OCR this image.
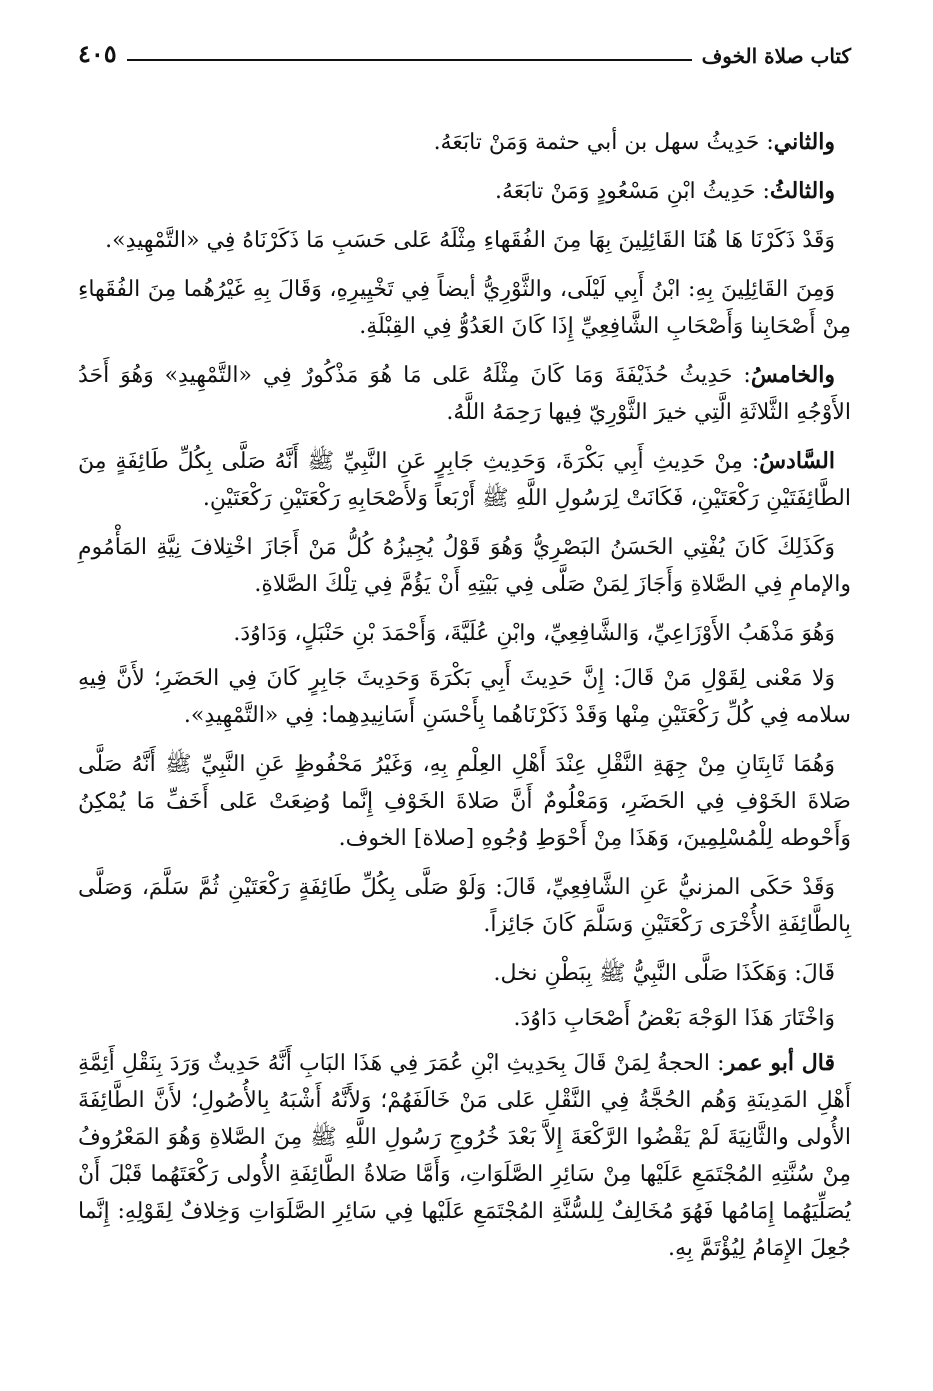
كتاب صلاة الخوف
٤٠٥

والثاني: حَدِيثُ سهل بن أبي حثمة وَمَنْ تابَعَهُ.

والثالثُ: حَدِيثُ ابْنِ مَسْعُودٍ وَمَنْ تابَعَهُ.

وَقَدْ ذَكَرْنَا هَا هُنَا القَائِلِينَ بِهَا مِنَ الفُقَهاءِ مِثْلَهُ عَلى حَسَبِ مَا ذَكَرْنَاهُ فِي «التَّمْهِيدِ».

وَمِنَ القَائِلِينَ بِهِ: ابْنُ أَبِي لَيْلَى، والثَّوْرِيُّ أيضاً فِي تَخْيِيرِهِ، وَقَالَ بِهِ غَيْرُهُما مِنَ الفُقَهاءِ مِنْ أَصْحَابِنا وَأَصْحَابِ الشَّافِعِيِّ إِذَا كَانَ العَدُوُّ فِي القِبْلَةِ.

والخامسُ: حَدِيثُ حُذَيْفَةَ وَمَا كَانَ مِثْلَهُ عَلى مَا هُوَ مَذْكُورٌ فِي «التَّمْهِيدِ» وَهُوَ أَحَدُ الأَوْجُهِ الثَّلاثَةِ الَّتِي خيرَ الثَّوْرِيّ فِيها رَحِمَهُ اللَّهُ.

السَّادسُ: مِنْ حَدِيثِ أَبِي بَكْرَةَ، وَحَدِيثِ جَابِرٍ عَنِ النَّبِيِّ ﷺ أَنَّهُ صَلَّى بِكُلِّ طَائِفَةٍ مِنَ الطَّائِفَتَيْنِ رَكْعَتَيْنِ، فَكَانَتْ لِرَسُولِ اللَّهِ ﷺ أَرْبَعاً وَلأَصْحَابِهِ رَكْعَتَيْنِ رَكْعَتَيْنِ.

وَكَذَلِكَ كَانَ يُفْتِي الحَسَنُ البَصْرِيُّ وَهُوَ قَوْلُ يُجِيزُهُ كُلُّ مَنْ أَجَازَ اخْتِلافَ نِيَّةِ المَأْمُومِ والإمامِ فِي الصَّلاةِ وَأَجَازَ لِمَنْ صَلَّى فِي بَيْتِهِ أَنْ يَؤُمَّ فِي تِلْكَ الصَّلاةِ.

وَهُوَ مَذْهَبُ الأَوْزَاعِيِّ، وَالشَّافِعِيِّ، وابْنِ عُلَيَّةَ، وَأَحْمَدَ بْنِ حَنْبَلٍ، وَدَاوُدَ.

وَلا مَعْنى لِقَوْلِ مَنْ قَالَ: إِنَّ حَدِيثَ أَبِي بَكْرَةَ وَحَدِيثَ جَابِرٍ كَانَ فِي الحَضَرِ؛ لأَنَّ فِيهِ سلامه فِي كُلِّ رَكْعَتَيْنِ مِنْها وَقَدْ ذَكَرْنَاهُما بِأَحْسَنِ أَسَانِيدِهِما: فِي «التَّمْهِيدِ».

وَهُمَا ثَابِتَانِ مِنْ جِهَةِ النَّقْلِ عِنْدَ أَهْلِ العِلْمِ بِهِ، وَغَيْرُ مَحْفُوظٍ عَنِ النَّبِيِّ ﷺ أَنَّهُ صَلَّى صَلاةَ الخَوْفِ فِي الحَضَرِ، وَمَعْلُومٌ أَنَّ صَلاةَ الخَوْفِ إِنَّما وُضِعَتْ عَلى أَخَفِّ مَا يُمْكِنُ وَأَحْوطه لِلْمُسْلِمِينَ، وَهَذَا مِنْ أَحْوَطِ وُجُوهِ [صلاة] الخوف.

وَقَدْ حَكَى المزنيُّ عَنِ الشَّافِعِيِّ، قَالَ: وَلَوْ صَلَّى بِكُلِّ طَائِفَةٍ رَكْعَتَيْنِ ثُمَّ سَلَّمَ، وَصَلَّى بِالطَّائِفَةِ الأُخْرَى رَكْعَتَيْنِ وَسَلَّمَ كَانَ جَائِزاً.

قَالَ: وَهَكَذَا صَلَّى النَّبِيُّ ﷺ بِبَطْنِ نخل.

وَاخْتَارَ هَذَا الوَجْهَ بَعْضُ أَصْحَابِ دَاوُدَ.

قال أبو عمر: الحجةُ لِمَنْ قَالَ بِحَدِيثِ ابْنِ عُمَرَ فِي هَذَا البَابِ أَنَّهُ حَدِيثٌ وَرَدَ بِنَقْلِ أَئِمَّةِ أَهْلِ المَدِينَةِ وَهُم الحُجَّةُ فِي النَّقْلِ عَلى مَنْ خَالَفَهُمْ؛ وَلأَنَّهُ أَشْبَهُ بِالأُصُولِ؛ لأَنَّ الطَّائِفَةَ الأُولى والثَّانِيَةَ لَمْ يَقْضُوا الرَّكْعَةَ إِلاَّ بَعْدَ خُرُوجِ رَسُولِ اللَّهِ ﷺ مِنَ الصَّلاةِ وَهُوَ المَعْرُوفُ مِنْ سُنَّتِهِ المُجْتَمَعِ عَلَيْها مِنْ سَائِرِ الصَّلَوَاتِ، وَأَمَّا صَلاةُ الطَّائِفَةِ الأُولى رَكْعَتَهُما قَبْلَ أَنْ يُصَلِّيَهُما إِمَامُها فَهُوَ مُخَالِفٌ لِلسُّنَّةِ المُجْتَمَعِ عَلَيْها فِي سَائِرِ الصَّلَوَاتِ وَخِلافٌ لِقَوْلِهِ: إِنَّما جُعِلَ الإِمَامُ لِيُؤْتَمَّ بِهِ.
